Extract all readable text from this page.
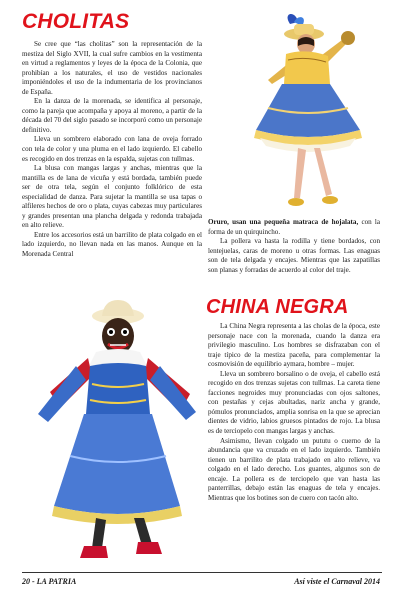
CHOLITAS

Se cree que “las cholitas” son la representación de la mestiza del Siglo XVII, la cual sufre cambios en la vestimenta en virtud a reglamentos y leyes de la época de la Colonia, que prohibían a los naturales, el uso de vestidos nacionales imponiéndoles el uso de la indumentaria de los provincianos de España.

En la danza de la morenada, se identifica al personaje, como la pareja que acompaña y apoya al moreno, a partir de la década del 70 del siglo pasado se incorporó como un personaje definitivo.

Lleva un sombrero elaborado con lana de oveja forrado con tela de color y una pluma en el lado izquierdo. El cabello es recogido en dos trenzas en la espalda, sujetas con tullmas.

La blusa con mangas largas y anchas, mientras que la mantilla es de lana de vicuña y está bordada, también puede ser de otra tela, según el conjunto folklórico de esta especialidad de danza. Para sujetar la mantilla se usa tapas o alfileres hechos de oro o plata, cuyas cabezas muy particulares y grandes presentan una plancha delgada y redonda trabajada en alto relieve.

Entre los accesorios está un barrilito de plata colgado en el lado izquierdo, no llevan nada en las manos. Aunque en la Morenada Central

Oruro, usan una pequeña matraca de hojalata,

con la forma de un quirquincho.

La pollera va hasta la rodilla y tiene bordados, con lentejuelas, caras de moreno u otras formas. Las enaguas son de tela delgada y encajes. Mientras que las zapatillas son planas y forradas de acuerdo al color del traje.

CHINA NEGRA

La China Negra representa a las cholas de la época, este personaje nace con la morenada, cuando la danza era privilegio masculino. Los hombres se disfrazaban con el traje típico de la mestiza paceña, para complementar la cosmovisión de equilibrio aymara, hombre – mujer.

Lleva un sombrero borsalino o de oveja, el cabello está recogido en dos trenzas sujetas con tullmas. La careta tiene facciones negroides muy pronunciadas con ojos saltones, con pestañas y cejas abultadas, nariz ancha y grande, pómulos pronunciados, amplia sonrisa en la que se aprecian dientes de vidrio, labios gruesos pintados de rojo. La blusa es de terciopelo con mangas largas y anchas.

Asimismo, llevan colgado un pututu o cuerno de la abundancia que va cruzado en el lado izquierdo. También tienen un barrilito de plata trabajado en alto relieve, va colgado en el lado derecho. Los guantes, algunos son de encaje. La pollera es de terciopelo que van hasta las panterrillas, debajo están las enaguas de tela y encajes. Mientras que los botines son de cuero con tacón alto.

20 - LA PATRIA	Así viste el Carnaval 2014
